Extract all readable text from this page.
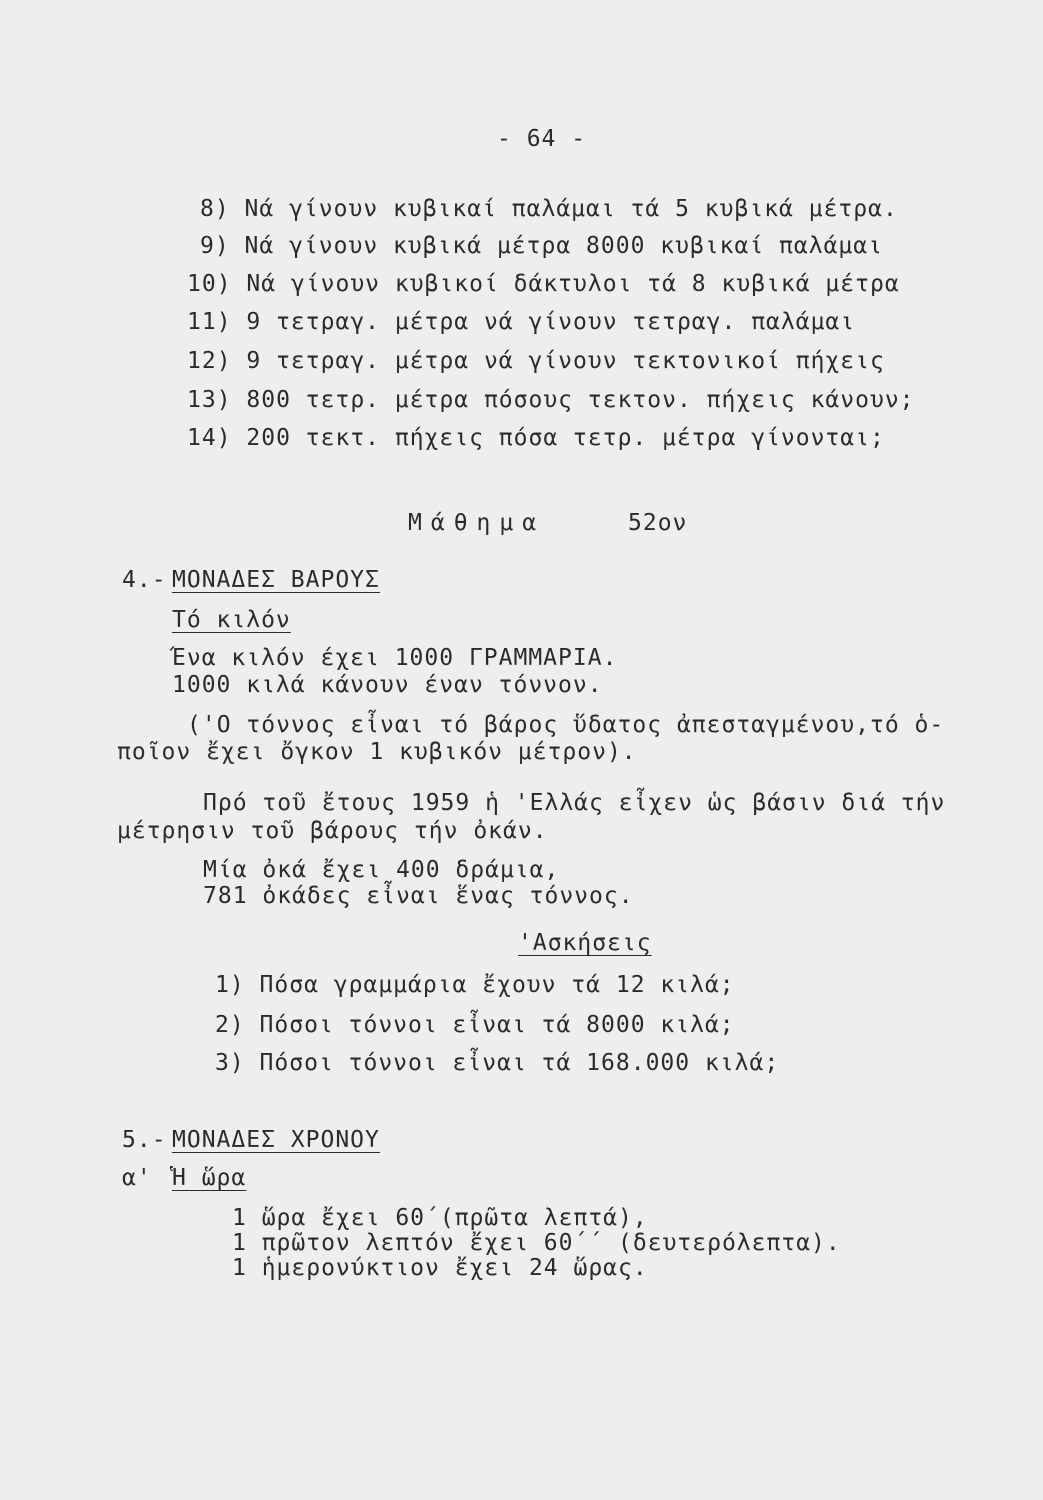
- 64 -
8) Νά γίνουν κυβικαί παλάμαι τά 5 κυβικά μέτρα.
9) Νά γίνουν κυβικά μέτρα 8000 κυβικαί παλάμαι
10) Νά γίνουν κυβικοί δάκτυλοι τά 8 κυβικά μέτρα
11) 9 τετραγ. μέτρα νά γίνουν τετραγ. παλάμαι
12) 9 τετραγ. μέτρα νά γίνουν τεκτονικοί πήχεις
13) 800 τετρ. μέτρα πόσους τεκτον. πήχεις κάνουν;
14) 200 τεκτ. πήχεις πόσα τετρ. μέτρα γίνονται;
Μάθημα	52ον
4.- ΜΟΝΑΔΕΣ ΒΑΡΟΥΣ
Τό κιλόν
Ένα κιλόν έχει 1000 ΓΡΑΜΜΑΡΙΑ.
1000 κιλά κάνουν έναν τόννον.
('Ο τόννος εἶναι τό βάρος ὕδατος ἀπεσταγμένου,τό ὁ-
ποῖον ἔχει ὄγκον 1 κυβικόν μέτρον).
Πρό τοῦ ἔτους 1959 ἡ 'Ελλάς εἶχεν ὡς βάσιν διά τήν
μέτρησιν τοῦ βάρους τήν ὀκάν.
Μία ὀκά ἔχει 400 δράμια,
781 ὀκάδες εἶναι ἕνας τόννος.
'Ασκήσεις
1) Πόσα γραμμάρια ἔχουν τά 12 κιλά;
2) Πόσοι τόννοι εἶναι τά 8000 κιλά;
3) Πόσοι τόννοι εἶναι τά 168.000 κιλά;
5.- ΜΟΝΑΔΕΣ ΧΡΟΝΟΥ
α' Ἡ ὥρα
1 ὥρα ἔχει 60΄(πρῶτα λεπτά),
1 πρῶτον λεπτόν ἔχει 60΄΄ (δευτερόλεπτα).
1 ἡμερονύκτιον ἔχει 24 ὥρας.
